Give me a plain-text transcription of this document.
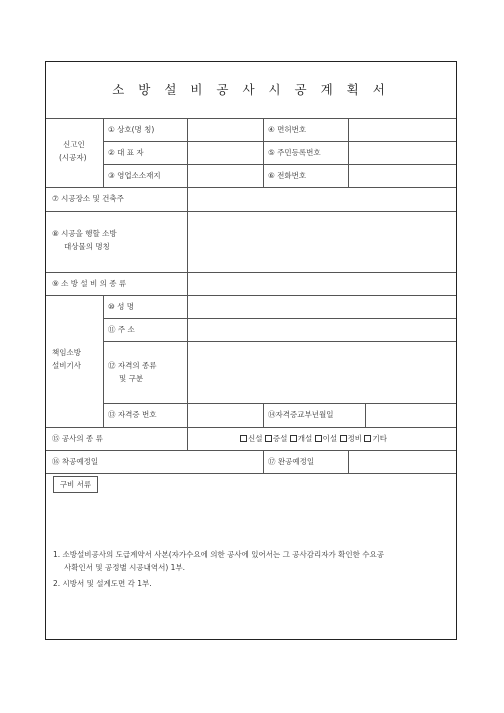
소 방 설 비 공 사 시 공 계 획 서
신고인
(시공자)
① 상호(명 칭)	④ 면허번호
② 대 표 자	⑤ 주민등록번호
③ 영업소소재지	⑥ 전화번호
⑦ 시공장소 및 건축주
⑧ 시공을 행할 소방
대상물의 명칭
⑨ 소 방 설 비 의 종 류
책임소방
설비기사
⑩ 성 명
⑪ 주 소
⑫ 자격의 종류
및 구분
⑬ 자격증 번호	⑭자격증교부년월일
⑮ 공사의 종 류	신설 증설 개설 이설 정비 기타
⑯ 착공예정일	⑰ 완공예정일
구비 서류
1. 소방설비공사의 도급계약서 사본(자가수요에 의한 공사에 있어서는 그 공사감리자가 확인한 수요공
사확인서 및 공정별 시공내역서) 1부.
2. 시방서 및 설계도면 각 1부.
